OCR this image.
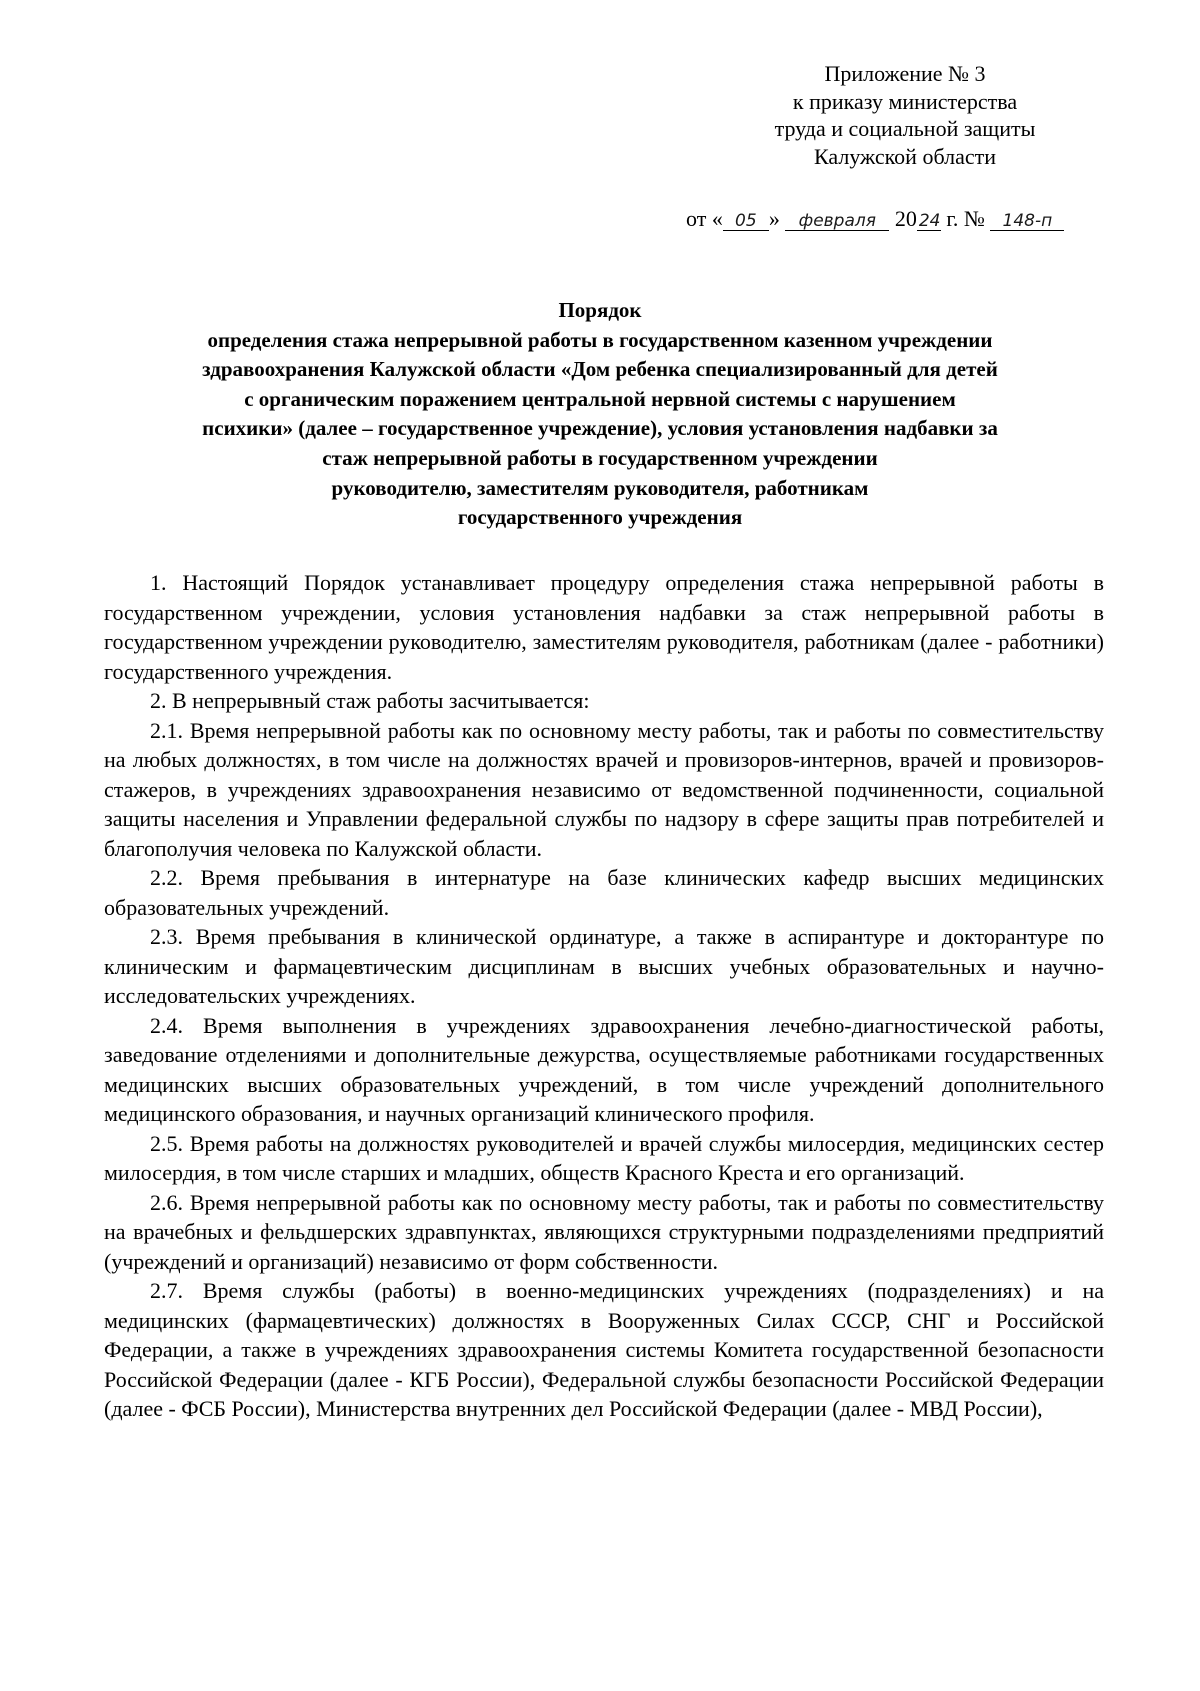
Приложение № 3
к приказу министерства
труда и социальной защиты
Калужской области
от « 05 » февраля 20 24 г. № 148-п
Порядок
определения стажа непрерывной работы в государственном казенном учреждении
здравоохранения Калужской области «Дом ребенка специализированный для детей
с органическим поражением центральной нервной системы с нарушением
психики» (далее – государственное учреждение), условия установления надбавки за
стаж непрерывной работы в государственном учреждении
руководителю, заместителям руководителя, работникам
государственного учреждения

1. Настоящий Порядок устанавливает процедуру определения стажа непрерывной работы в государственном учреждении, условия установления надбавки за стаж непрерывной работы в государственном учреждении руководителю, заместителям руководителя, работникам (далее - работники) государственного учреждения.

2. В непрерывный стаж работы засчитывается:

2.1. Время непрерывной работы как по основному месту работы, так и работы по совместительству на любых должностях, в том числе на должностях врачей и провизоров-интернов, врачей и провизоров-стажеров, в учреждениях здравоохранения независимо от ведомственной подчиненности, социальной защиты населения и Управлении федеральной службы по надзору в сфере защиты прав потребителей и благополучия человека по Калужской области.

2.2. Время пребывания в интернатуре на базе клинических кафедр высших медицинских образовательных учреждений.

2.3. Время пребывания в клинической ординатуре, а также в аспирантуре и докторантуре по клиническим и фармацевтическим дисциплинам в высших учебных образовательных и научно-исследовательских учреждениях.

2.4. Время выполнения в учреждениях здравоохранения лечебно-диагностической работы, заведование отделениями и дополнительные дежурства, осуществляемые работниками государственных медицинских высших образовательных учреждений, в том числе учреждений дополнительного медицинского образования, и научных организаций клинического профиля.

2.5. Время работы на должностях руководителей и врачей службы милосердия, медицинских сестер милосердия, в том числе старших и младших, обществ Красного Креста и его организаций.

2.6. Время непрерывной работы как по основному месту работы, так и работы по совместительству на врачебных и фельдшерских здравпунктах, являющихся структурными подразделениями предприятий (учреждений и организаций) независимо от форм собственности.

2.7. Время службы (работы) в военно-медицинских учреждениях (подразделениях) и на медицинских (фармацевтических) должностях в Вооруженных Силах СССР, СНГ и Российской Федерации, а также в учреждениях здравоохранения системы Комитета государственной безопасности Российской Федерации (далее - КГБ России), Федеральной службы безопасности Российской Федерации (далее - ФСБ России), Министерства внутренних дел Российской Федерации (далее - МВД России),
